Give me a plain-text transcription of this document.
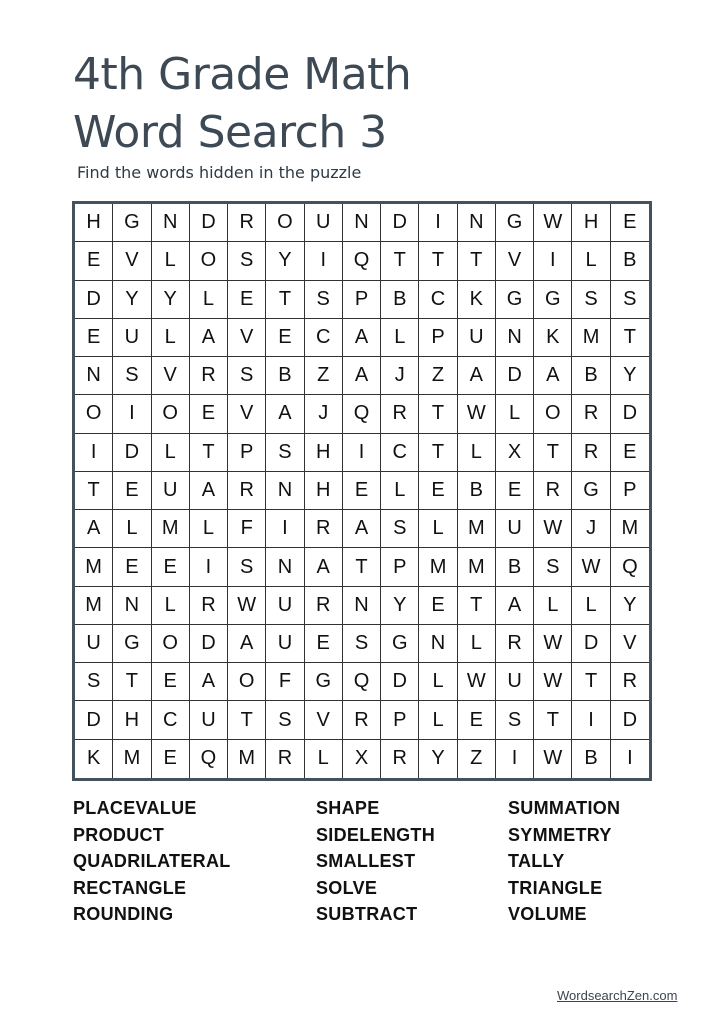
4th Grade Math
Word Search 3
Find the words hidden in the puzzle
H	G	N	D	R	O	U	N	D	I	N	G	W	H	E
E	V	L	O	S	Y	I	Q	T	T	T	V	I	L	B
D	Y	Y	L	E	T	S	P	B	C	K	G	G	S	S
E	U	L	A	V	E	C	A	L	P	U	N	K	M	T
N	S	V	R	S	B	Z	A	J	Z	A	D	A	B	Y
O	I	O	E	V	A	J	Q	R	T	W	L	O	R	D
I	D	L	T	P	S	H	I	C	T	L	X	T	R	E
T	E	U	A	R	N	H	E	L	E	B	E	R	G	P
A	L	M	L	F	I	R	A	S	L	M	U	W	J	M
M	E	E	I	S	N	A	T	P	M	M	B	S	W	Q
M	N	L	R	W	U	R	N	Y	E	T	A	L	L	Y
U	G	O	D	A	U	E	S	G	N	L	R	W	D	V
S	T	E	A	O	F	G	Q	D	L	W	U	W	T	R
D	H	C	U	T	S	V	R	P	L	E	S	T	I	D
K	M	E	Q	M	R	L	X	R	Y	Z	I	W	B	I
PLACEVALUE
PRODUCT
QUADRILATERAL
RECTANGLE
ROUNDING
SHAPE
SIDELENGTH
SMALLEST
SOLVE
SUBTRACT
SUMMATION
SYMMETRY
TALLY
TRIANGLE
VOLUME
WordsearchZen.com
